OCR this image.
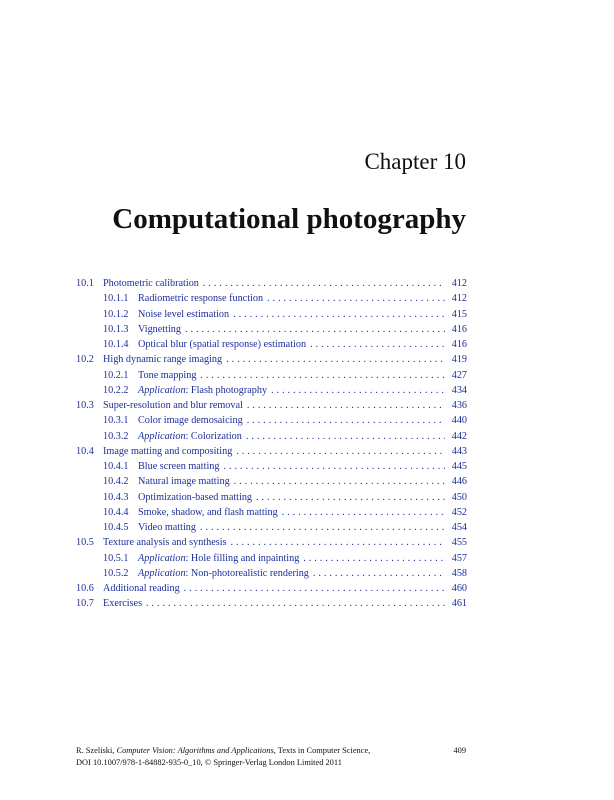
Chapter 10
Computational photography
10.1 Photometric calibration . . .	412
10.1.1 Radiometric response function . . .	412
10.1.2 Noise level estimation . . .	415
10.1.3 Vignetting . . .	416
10.1.4 Optical blur (spatial response) estimation . . .	416
10.2 High dynamic range imaging . . .	419
10.2.1 Tone mapping . . .	427
10.2.2 Application: Flash photography . . .	434
10.3 Super-resolution and blur removal . . .	436
10.3.1 Color image demosaicing . . .	440
10.3.2 Application: Colorization . . .	442
10.4 Image matting and compositing . . .	443
10.4.1 Blue screen matting . . .	445
10.4.2 Natural image matting . . .	446
10.4.3 Optimization-based matting . . .	450
10.4.4 Smoke, shadow, and flash matting . . .	452
10.4.5 Video matting . . .	454
10.5 Texture analysis and synthesis . . .	455
10.5.1 Application: Hole filling and inpainting . . .	457
10.5.2 Application: Non-photorealistic rendering . . .	458
10.6 Additional reading . . .	460
10.7 Exercises . . .	461
R. Szeliski, Computer Vision: Algorithms and Applications, Texts in Computer Science,
DOI 10.1007/978-1-84882-935-0_10, © Springer-Verlag London Limited 2011
409
